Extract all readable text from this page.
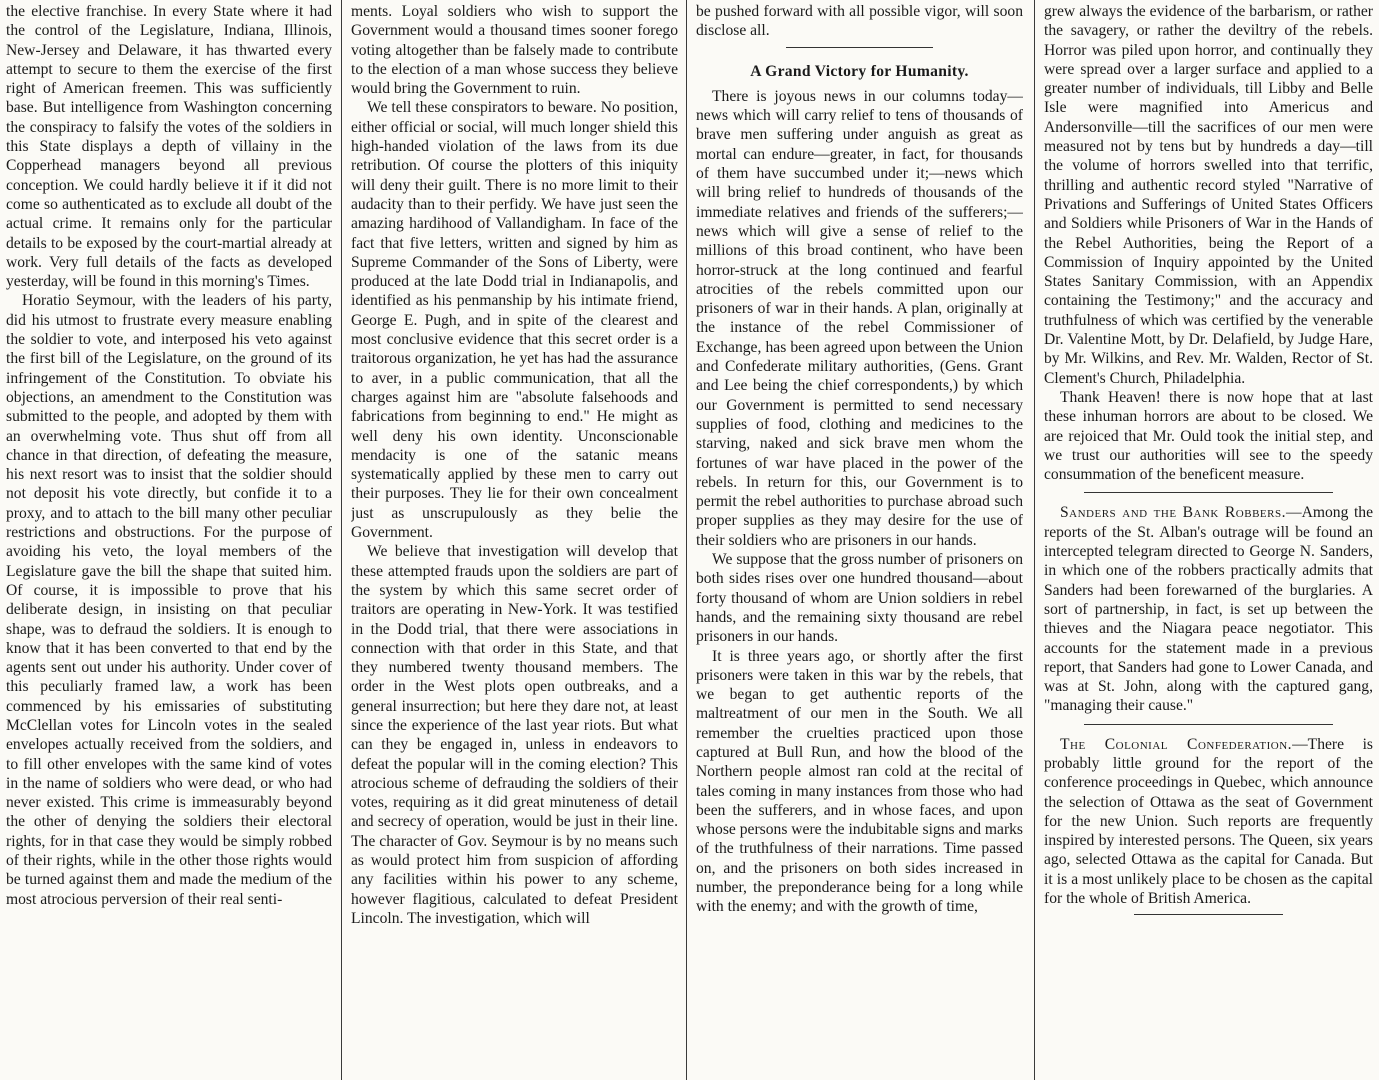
the elective franchise. In every State where it had the control of the Legislature, Indiana, Illinois, New-Jersey and Delaware, it has thwarted every attempt to secure to them the exercise of the first right of American freemen. This was sufficiently base. But intelligence from Washington concerning the conspiracy to falsify the votes of the soldiers in this State displays a depth of villainy in the Copperhead managers beyond all previous conception. We could hardly believe it if it did not come so authenticated as to exclude all doubt of the actual crime. It remains only for the particular details to be exposed by the court-martial already at work. Very full details of the facts as developed yesterday, will be found in this morning's Times.

Horatio Seymour, with the leaders of his party, did his utmost to frustrate every measure enabling the soldier to vote, and interposed his veto against the first bill of the Legislature, on the ground of its infringement of the Constitution. To obviate his objections, an amendment to the Constitution was submitted to the people, and adopted by them with an overwhelming vote. Thus shut off from all chance in that direction, of defeating the measure, his next resort was to insist that the soldier should not deposit his vote directly, but confide it to a proxy, and to attach to the bill many other peculiar restrictions and obstructions. For the purpose of avoiding his veto, the loyal members of the Legislature gave the bill the shape that suited him. Of course, it is impossible to prove that his deliberate design, in insisting on that peculiar shape, was to defraud the soldiers. It is enough to know that it has been converted to that end by the agents sent out under his authority. Under cover of this peculiarly framed law, a work has been commenced by his emissaries of substituting McClellan votes for Lincoln votes in the sealed envelopes actually received from the soldiers, and to fill other envelopes with the same kind of votes in the name of soldiers who were dead, or who had never existed. This crime is immeasurably beyond the other of denying the soldiers their electoral rights, for in that case they would be simply robbed of their rights, while in the other those rights would be turned against them and made the medium of the most atrocious perversion of their real senti-

ments. Loyal soldiers who wish to support the Government would a thousand times sooner forego voting altogether than be falsely made to contribute to the election of a man whose success they believe would bring the Government to ruin.

We tell these conspirators to beware. No position, either official or social, will much longer shield this high-handed violation of the laws from its due retribution. Of course the plotters of this iniquity will deny their guilt. There is no more limit to their audacity than to their perfidy. We have just seen the amazing hardihood of Vallandigham. In face of the fact that five letters, written and signed by him as Supreme Commander of the Sons of Liberty, were produced at the late Dodd trial in Indianapolis, and identified as his penmanship by his intimate friend, George E. Pugh, and in spite of the clearest and most conclusive evidence that this secret order is a traitorous organization, he yet has had the assurance to aver, in a public communication, that all the charges against him are "absolute falsehoods and fabrications from beginning to end." He might as well deny his own identity. Unconscionable mendacity is one of the satanic means systematically applied by these men to carry out their purposes. They lie for their own concealment just as unscrupulously as they belie the Government.

We believe that investigation will develop that these attempted frauds upon the soldiers are part of the system by which this same secret order of traitors are operating in New-York. It was testified in the Dodd trial, that there were associations in connection with that order in this State, and that they numbered twenty thousand members. The order in the West plots open outbreaks, and a general insurrection; but here they dare not, at least since the experience of the last year riots. But what can they be engaged in, unless in endeavors to defeat the popular will in the coming election? This atrocious scheme of defrauding the soldiers of their votes, requiring as it did great minuteness of detail and secrecy of operation, would be just in their line. The character of Gov. Seymour is by no means such as would protect him from suspicion of affording any facilities within his power to any scheme, however flagitious, calculated to defeat President Lincoln. The investigation, which will

be pushed forward with all possible vigor, will soon disclose all.

A Grand Victory for Humanity.

There is joyous news in our columns today—news which will carry relief to tens of thousands of brave men suffering under anguish as great as mortal can endure—greater, in fact, for thousands of them have succumbed under it;—news which will bring relief to hundreds of thousands of the immediate relatives and friends of the sufferers;—news which will give a sense of relief to the millions of this broad continent, who have been horror-struck at the long continued and fearful atrocities of the rebels committed upon our prisoners of war in their hands. A plan, originally at the instance of the rebel Commissioner of Exchange, has been agreed upon between the Union and Confederate military authorities, (Gens. Grant and Lee being the chief correspondents,) by which our Government is permitted to send necessary supplies of food, clothing and medicines to the starving, naked and sick brave men whom the fortunes of war have placed in the power of the rebels. In return for this, our Government is to permit the rebel authorities to purchase abroad such proper supplies as they may desire for the use of their soldiers who are prisoners in our hands.

We suppose that the gross number of prisoners on both sides rises over one hundred thousand—about forty thousand of whom are Union soldiers in rebel hands, and the remaining sixty thousand are rebel prisoners in our hands.

It is three years ago, or shortly after the first prisoners were taken in this war by the rebels, that we began to get authentic reports of the maltreatment of our men in the South. We all remember the cruelties practiced upon those captured at Bull Run, and how the blood of the Northern people almost ran cold at the recital of tales coming in many instances from those who had been the sufferers, and in whose faces, and upon whose persons were the indubitable signs and marks of the truthfulness of their narrations. Time passed on, and the prisoners on both sides increased in number, the preponderance being for a long while with the enemy; and with the growth of time,

grew always the evidence of the barbarism, or rather the savagery, or rather the deviltry of the rebels. Horror was piled upon horror, and continually they were spread over a larger surface and applied to a greater number of individuals, till Libby and Belle Isle were magnified into Americus and Andersonville—till the sacrifices of our men were measured not by tens but by hundreds a day—till the volume of horrors swelled into that terrific, thrilling and authentic record styled "Narrative of Privations and Sufferings of United States Officers and Soldiers while Prisoners of War in the Hands of the Rebel Authorities, being the Report of a Commission of Inquiry appointed by the United States Sanitary Commission, with an Appendix containing the Testimony;" and the accuracy and truthfulness of which was certified by the venerable Dr. Valentine Mott, by Dr. Delafield, by Judge Hare, by Mr. Wilkins, and Rev. Mr. Walden, Rector of St. Clement's Church, Philadelphia.

Thank Heaven! there is now hope that at last these inhuman horrors are about to be closed. We are rejoiced that Mr. Ould took the initial step, and we trust our authorities will see to the speedy consummation of the beneficent measure.

Sanders and the Bank Robbers.—Among the reports of the St. Alban's outrage will be found an intercepted telegram directed to George N. Sanders, in which one of the robbers practically admits that Sanders had been forewarned of the burglaries. A sort of partnership, in fact, is set up between the thieves and the Niagara peace negotiator. This accounts for the statement made in a previous report, that Sanders had gone to Lower Canada, and was at St. John, along with the captured gang, "managing their cause."

The Colonial Confederation.—There is probably little ground for the report of the conference proceedings in Quebec, which announce the selection of Ottawa as the seat of Government for the new Union. Such reports are frequently inspired by interested persons. The Queen, six years ago, selected Ottawa as the capital for Canada. But it is a most unlikely place to be chosen as the capital for the whole of British America.
